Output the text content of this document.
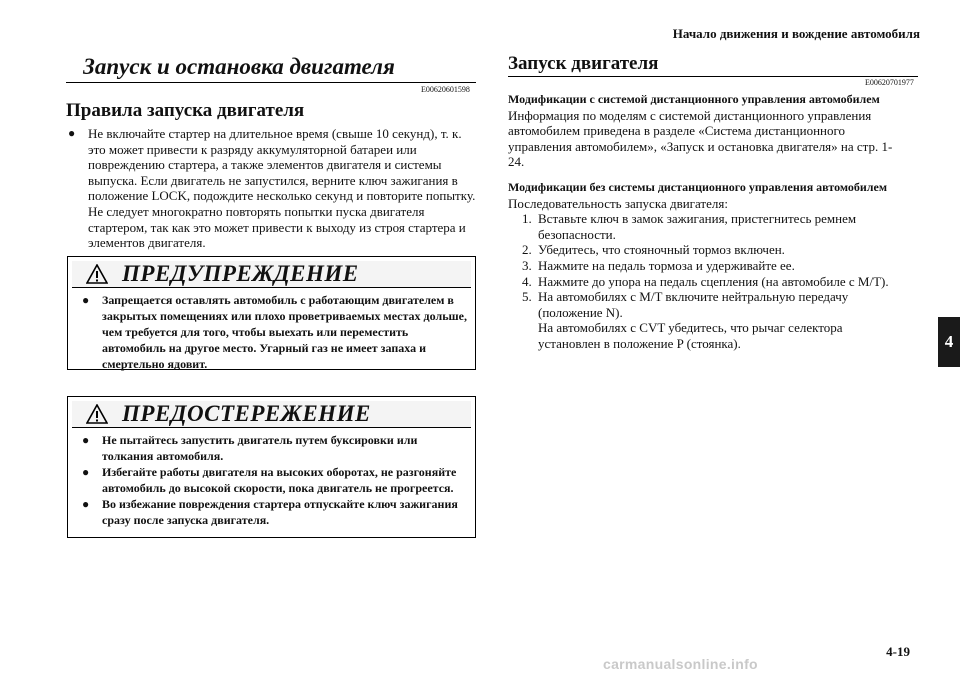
Начало движения и вождение автомобиля
4
4-19
carmanualsonline.info
Запуск и остановка двигателя
E00620601598
Правила запуска двигателя
● Не включайте стартер на длительное время (свыше 10 секунд), т. к. это может привести к разряду аккумуляторной батареи или повреждению стартера, а также элементов двигателя и системы выпуска. Если двигатель не запустился, верните ключ зажигания в положение LOCK, подождите несколько секунд и повторите попытку. Не следует многократно повторять попытки пуска двигателя стартером, так как это может привести к выходу из строя стартера и элементов двигателя.
ПРЕДУПРЕЖДЕНИЕ
●	Запрещается оставлять автомобиль с работающим двигателем в закрытых помещениях или плохо проветриваемых местах дольше, чем требуется для того, чтобы выехать или переместить автомобиль на другое место. Угарный газ не имеет запаха и смертельно ядовит.
ПРЕДОСТЕРЕЖЕНИЕ
●	Не пытайтесь запустить двигатель путем буксировки или толкания автомобиля.
●	Избегайте работы двигателя на высоких оборотах, не разгоняйте автомобиль до высокой скорости, пока двигатель не прогреется.
●	Во избежание повреждения стартера отпускайте ключ зажигания сразу после запуска двигателя.
Запуск двигателя
E00620701977
Модификации с системой дистанционного управления автомобилем
Информация по моделям с системой дистанционного управления автомобилем приведена в разделе «Система дистанционного управления автомобилем», «Запуск и остановка двигателя» на стр. 1-24.
Модификации без системы дистанционного управления автомобилем
Последовательность запуска двигателя:
1. Вставьте ключ в замок зажигания, пристегнитесь ремнем безопасности.
2. Убедитесь, что стояночный тормоз включен.
3. Нажмите на педаль тормоза и удерживайте ее.
4. Нажмите до упора на педаль сцепления (на автомобиле с M/T).
5. На автомобилях с M/T включите нейтральную передачу (положение N).
На автомобилях с CVT убедитесь, что рычаг селектора установлен в положение P (стоянка).
